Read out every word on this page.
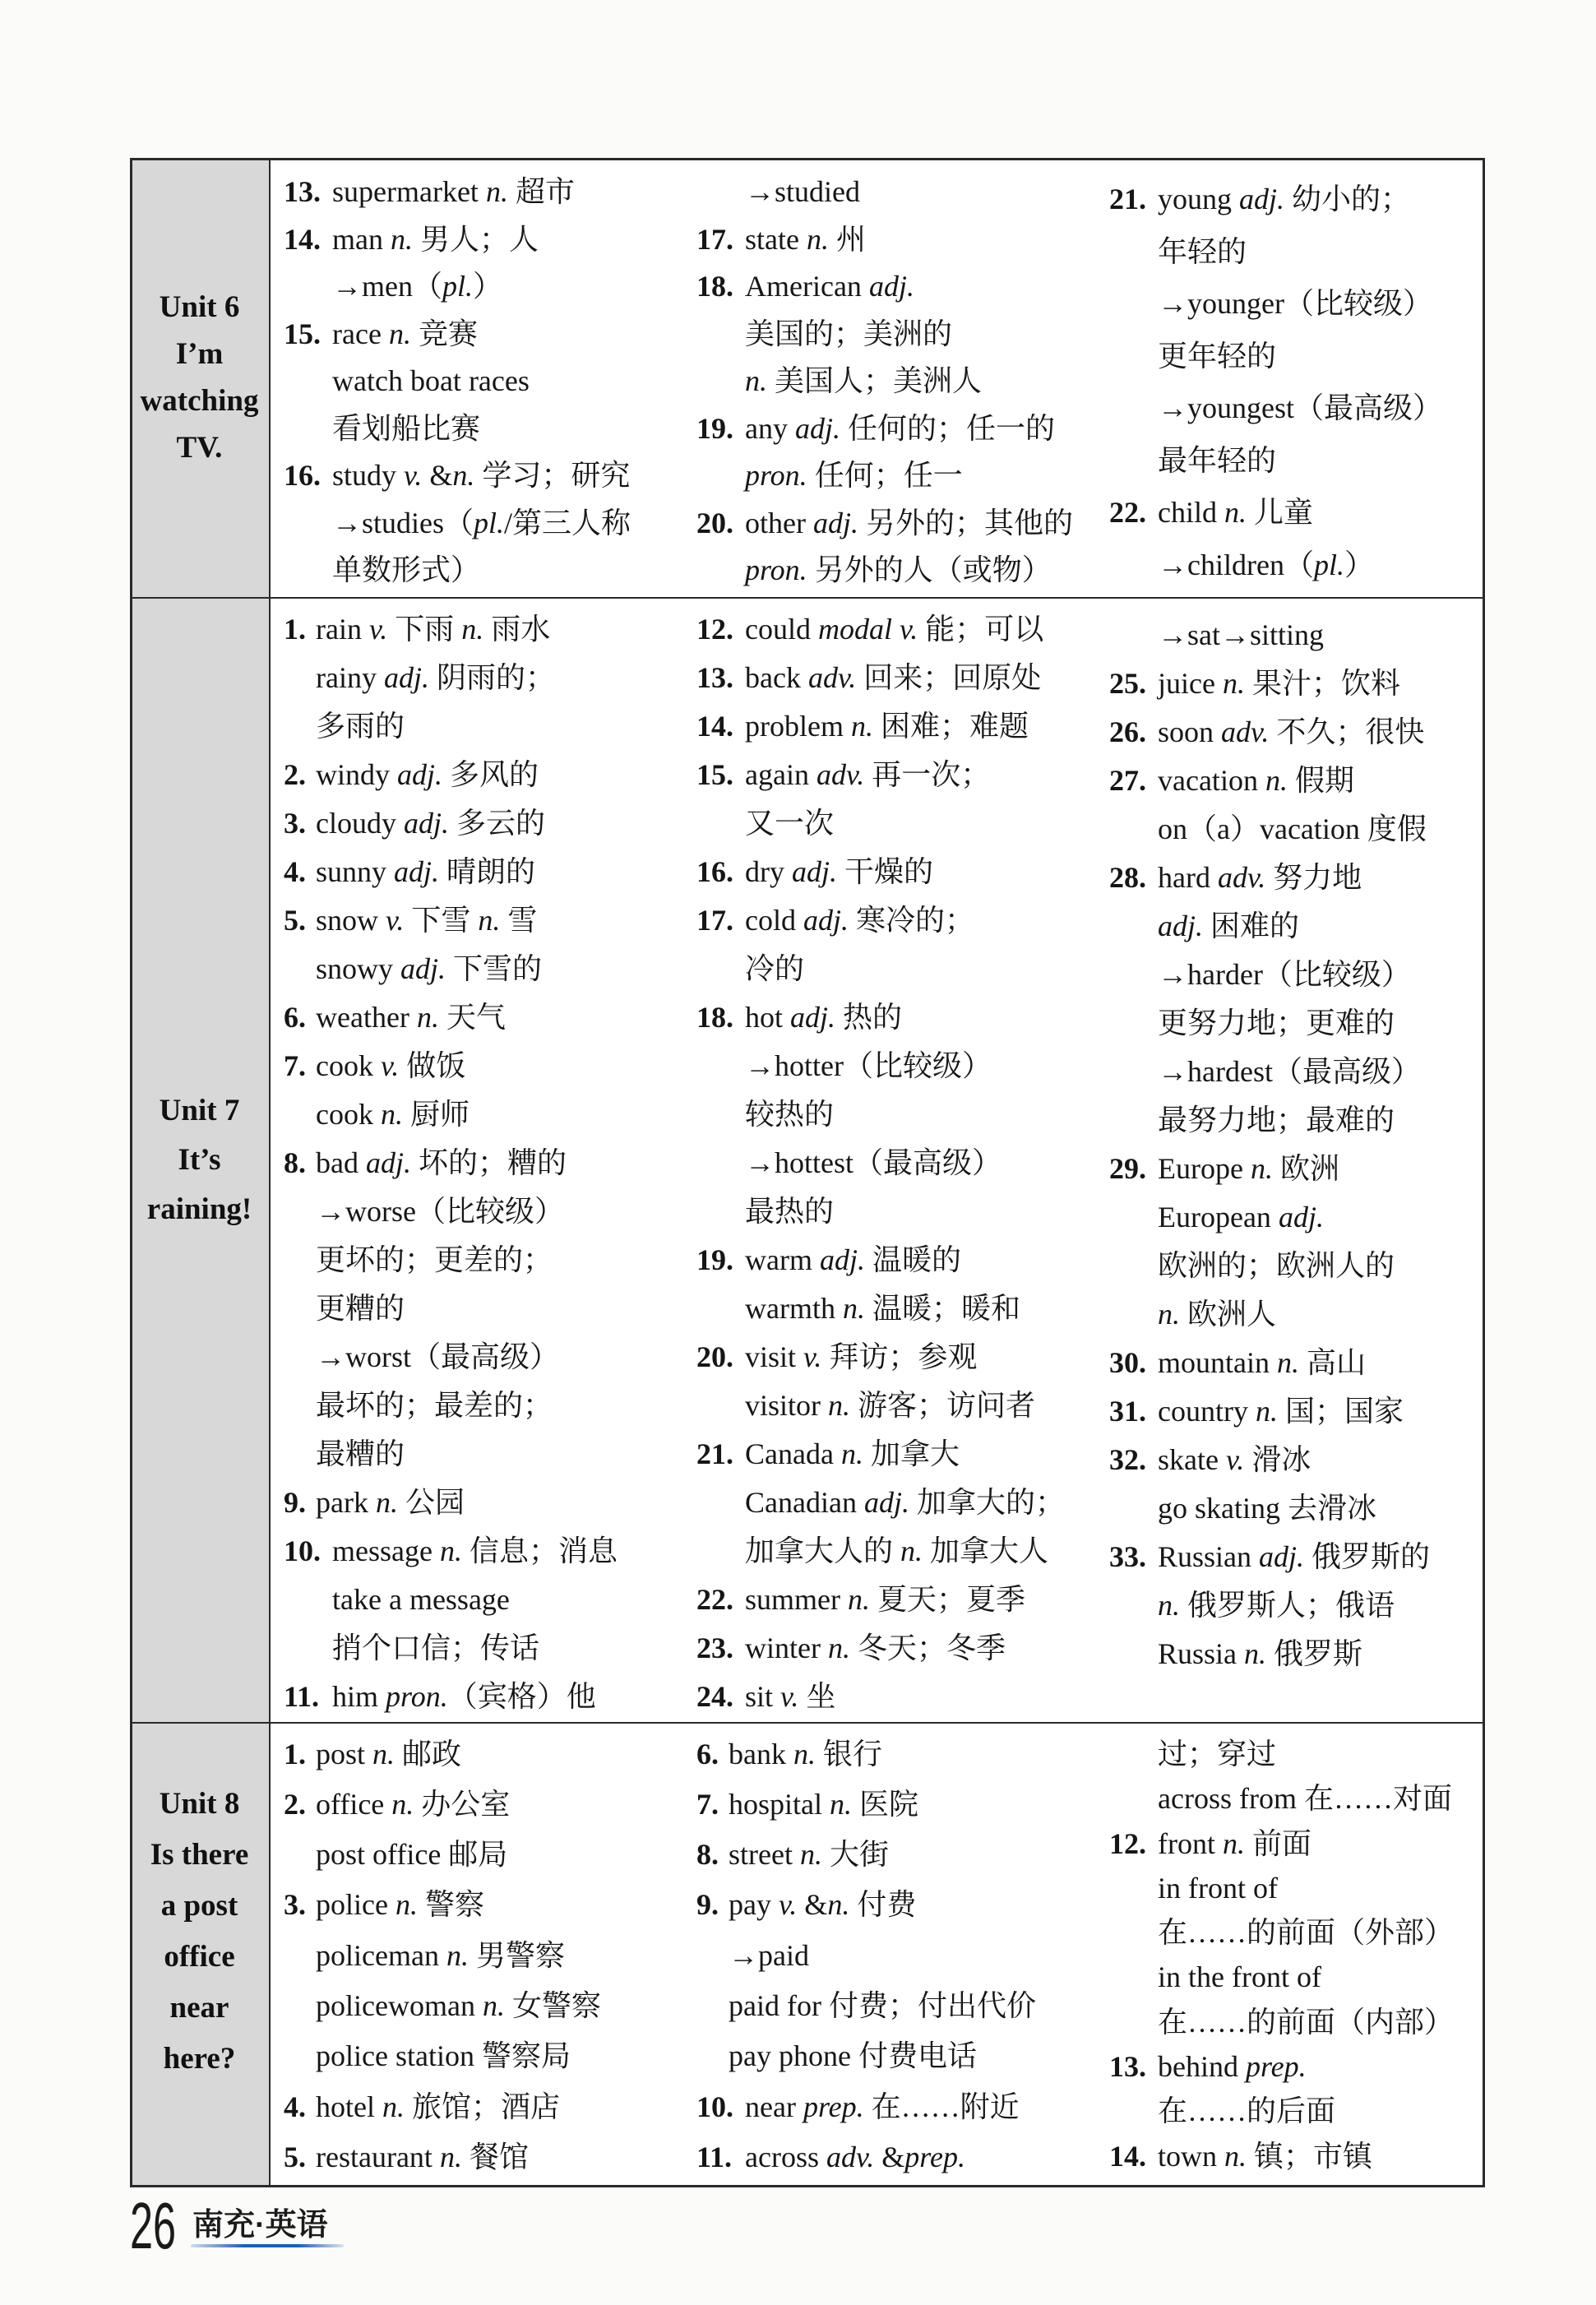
Unit 6
I’m
watching
TV.
13. supermarket n. 超市
14. man n. 男人；人
→men（pl.）
15. race n. 竞赛
watch boat races
看划船比赛
16. study v. &n. 学习；研究
→studies（pl./第三人称
单数形式）
→studied
17. state n. 州
18. American adj.
美国的；美洲的
n. 美国人；美洲人
19. any adj. 任何的；任一的
pron. 任何；任一
20. other adj. 另外的；其他的
pron. 另外的人（或物）
21. young adj. 幼小的；
年轻的
→younger（比较级）
更年轻的
→youngest（最高级）
最年轻的
22. child n. 儿童
→children（pl.）
Unit 7
It’s
raining!
1. rain v. 下雨 n. 雨水
rainy adj. 阴雨的；
多雨的
2. windy adj. 多风的
3. cloudy adj. 多云的
4. sunny adj. 晴朗的
5. snow v. 下雪 n. 雪
snowy adj. 下雪的
6. weather n. 天气
7. cook v. 做饭
cook n. 厨师
8. bad adj. 坏的；糟的
→worse（比较级）
更坏的；更差的；
更糟的
→worst（最高级）
最坏的；最差的；
最糟的
9. park n. 公园
10. message n. 信息；消息
take a message
捎个口信；传话
11. him pron.（宾格）他
12. could modal v. 能；可以
13. back adv. 回来；回原处
14. problem n. 困难；难题
15. again adv. 再一次；
又一次
16. dry adj. 干燥的
17. cold adj. 寒冷的；
冷的
18. hot adj. 热的
→hotter（比较级）
较热的
→hottest（最高级）
最热的
19. warm adj. 温暖的
warmth n. 温暖；暖和
20. visit v. 拜访；参观
visitor n. 游客；访问者
21. Canada n. 加拿大
Canadian adj. 加拿大的；
加拿大人的 n. 加拿大人
22. summer n. 夏天；夏季
23. winter n. 冬天；冬季
24. sit v. 坐
→sat→sitting
25. juice n. 果汁；饮料
26. soon adv. 不久；很快
27. vacation n. 假期
on（a）vacation 度假
28. hard adv. 努力地
adj. 困难的
→harder（比较级）
更努力地；更难的
→hardest（最高级）
最努力地；最难的
29. Europe n. 欧洲
European adj.
欧洲的；欧洲人的
n. 欧洲人
30. mountain n. 高山
31. country n. 国；国家
32. skate v. 滑冰
go skating 去滑冰
33. Russian adj. 俄罗斯的
n. 俄罗斯人；俄语
Russia n. 俄罗斯
Unit 8
Is there
a post
office
near
here?
1. post n. 邮政
2. office n. 办公室
post office 邮局
3. police n. 警察
policeman n. 男警察
policewoman n. 女警察
police station 警察局
4. hotel n. 旅馆；酒店
5. restaurant n. 餐馆
6. bank n. 银行
7. hospital n. 医院
8. street n. 大街
9. pay v. &n. 付费
→paid
paid for 付费；付出代价
pay phone 付费电话
10. near prep. 在……附近
11. across adv. &prep.
过；穿过
across from 在……对面
12. front n. 前面
in front of
在……的前面（外部）
in the front of
在……的前面（内部）
13. behind prep.
在……的后面
14. town n. 镇；市镇
26 南充·英语
